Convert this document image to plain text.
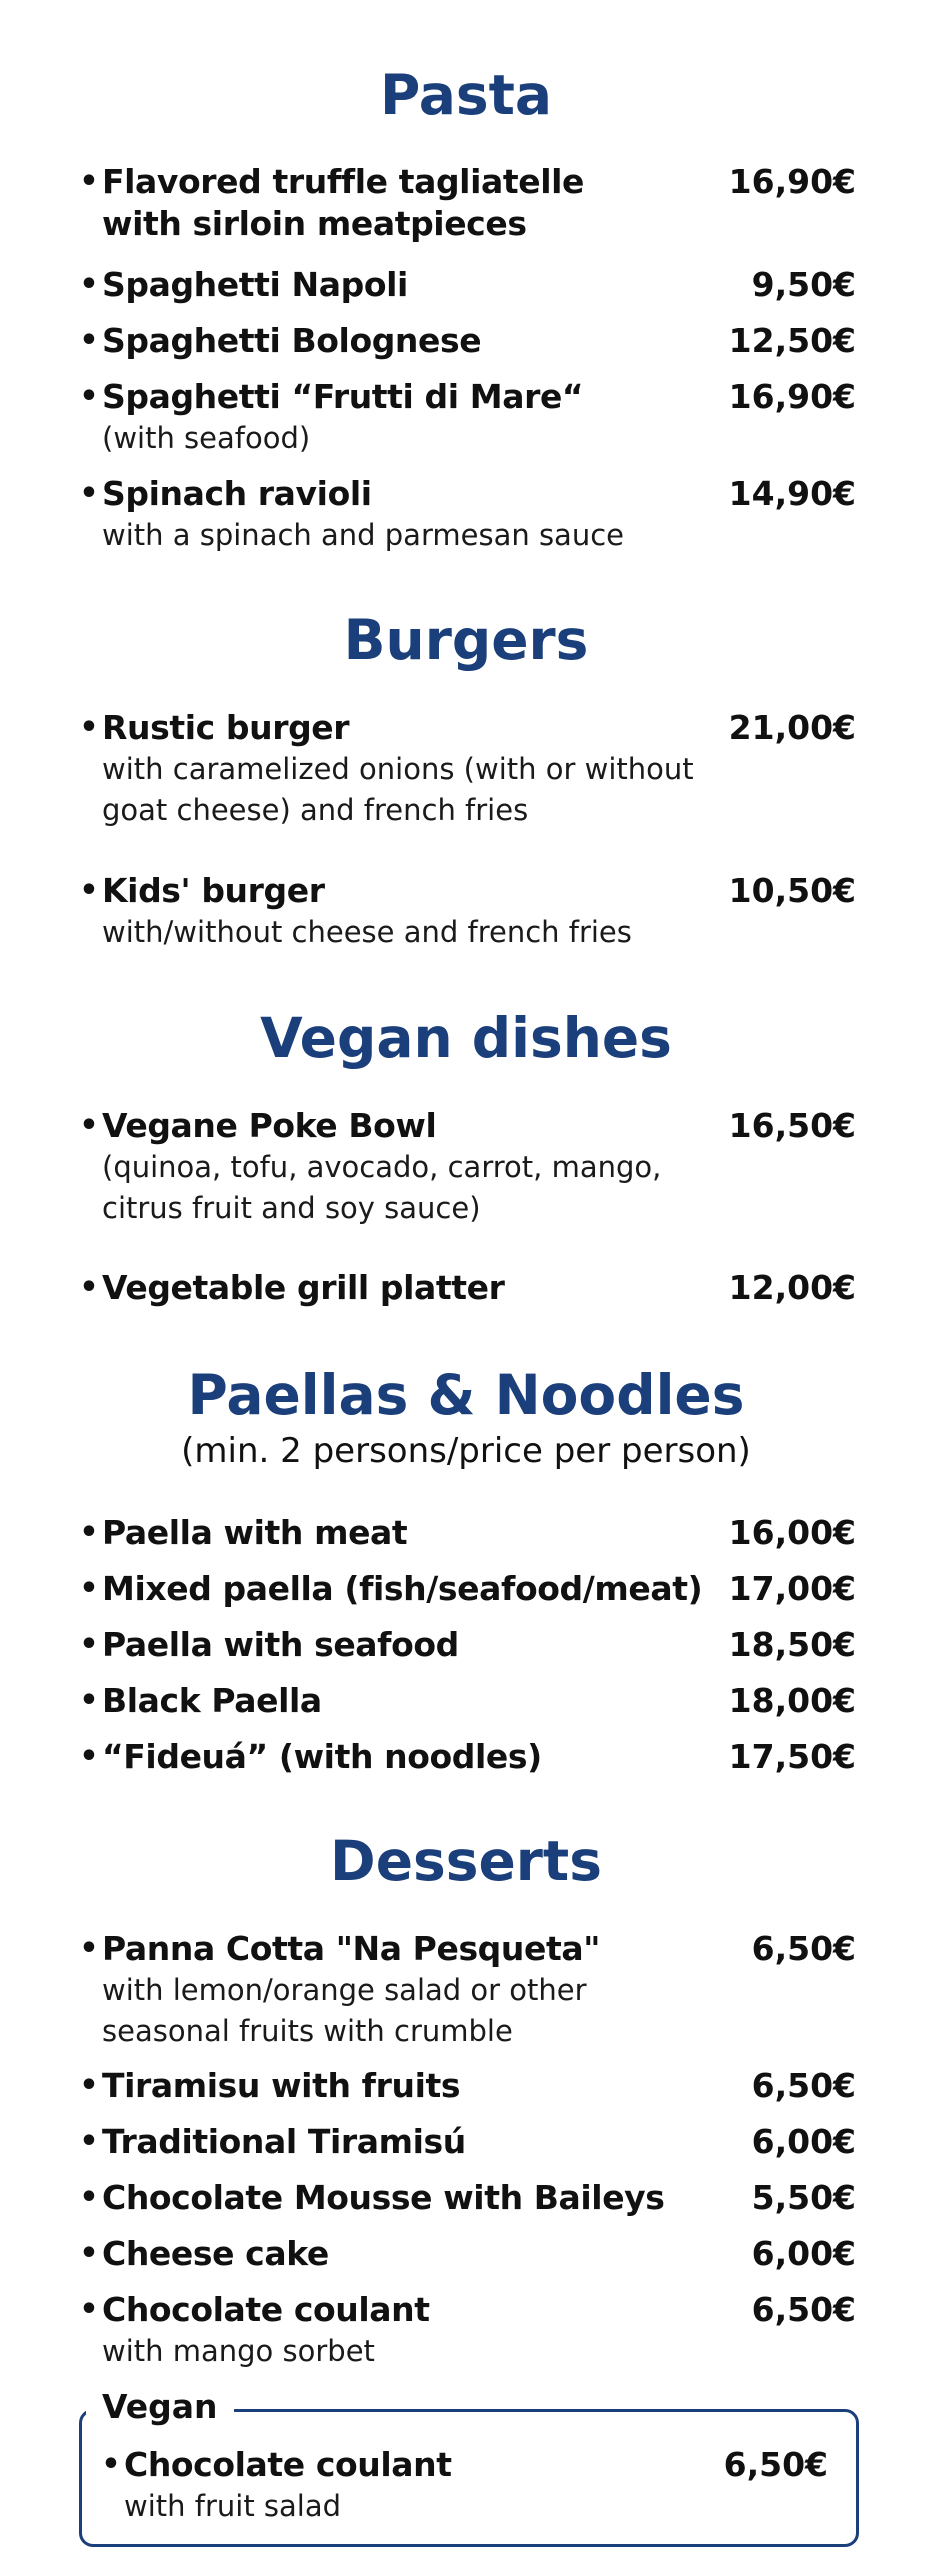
Pasta
• Flavored truffle tagliatelle
with sirloin meatpieces
16,90€
• Spaghetti Napoli	9,50€
• Spaghetti Bolognese	12,50€
• Spaghetti “Frutti di Mare“
(with seafood)
16,90€
• Spinach ravioli
with a spinach and parmesan sauce
14,90€
Burgers
• Rustic burger
with caramelized onions (with or without
goat cheese) and french fries
21,00€
• Kids' burger
with/without cheese and french fries
10,50€
Vegan dishes
• Vegane Poke Bowl
(quinoa, tofu, avocado, carrot, mango,
citrus fruit and soy sauce)
16,50€
• Vegetable grill platter	12,00€
Paellas & Noodles

(min. 2 persons/price per person)

• Paella with meat	16,00€
• Mixed paella (fish/seafood/meat) 17,00€
• Paella with seafood	18,50€
• Black Paella	18,00€
• “Fideuá” (with noodles)	17,50€
Desserts
• Panna Cotta "Na Pesqueta"
with lemon/orange salad or other
seasonal fruits with crumble
6,50€
• Tiramisu with fruits	6,50€
• Traditional Tiramisú	6,00€
• Chocolate Mousse with Baileys	5,50€
• Cheese cake	6,00€
• Chocolate coulant
with mango sorbet
6,50€
Vegan
• Chocolate coulant
with fruit salad
6,50€
